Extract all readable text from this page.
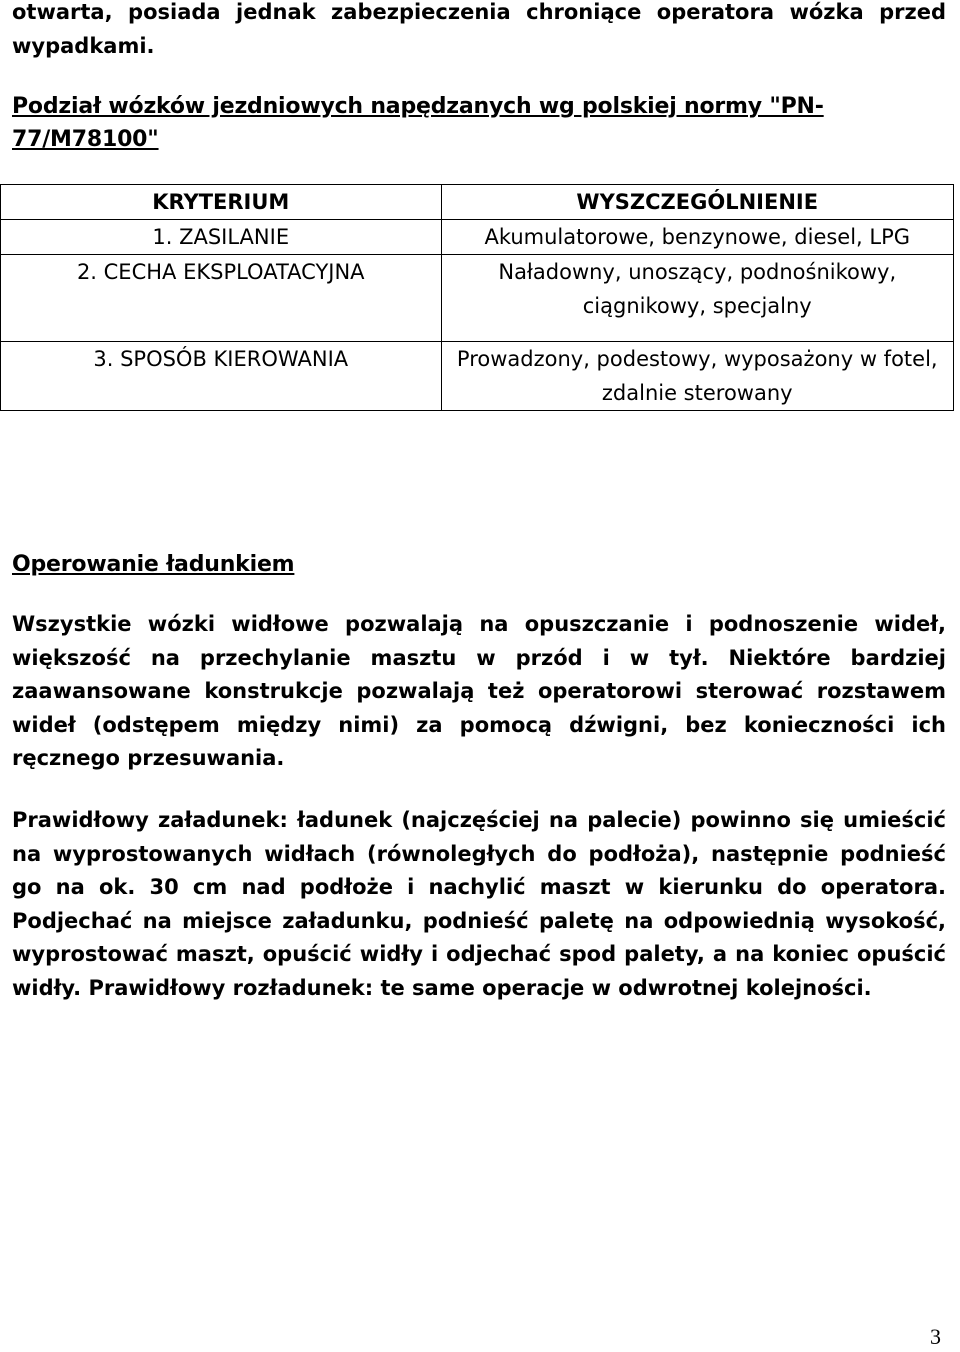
otwarta, posiada jednak zabezpieczenia chroniące operatora wózka przed wypadkami.

Podział wózków jezdniowych napędzanych wg polskiej normy "PN-77/M78100"

KRYTERIUM	WYSZCZEGÓLNIENIE
1. ZASILANIE	Akumulatorowe, benzynowe, diesel, LPG
2. CECHA EKSPLOATACYJNA	Naładowny, unoszący, podnośnikowy, ciągnikowy, specjalny
3. SPOSÓB KIEROWANIA	Prowadzony, podestowy, wyposażony w fotel, zdalnie sterowany

Operowanie ładunkiem

Wszystkie wózki widłowe pozwalają na opuszczanie i podnoszenie wideł, większość na przechylanie masztu w przód i w tył. Niektóre bardziej zaawansowane konstrukcje pozwalają też operatorowi sterować rozstawem wideł (odstępem między nimi) za pomocą dźwigni, bez konieczności ich ręcznego przesuwania.

Prawidłowy załadunek: ładunek (najczęściej na palecie) powinno się umieścić na wyprostowanych widłach (równoległych do podłoża), następnie podnieść go na ok. 30 cm nad podłoże i nachylić maszt w kierunku do operatora. Podjechać na miejsce załadunku, podnieść paletę na odpowiednią wysokość, wyprostować maszt, opuścić widły i odjechać spod palety, a na koniec opuścić widły. Prawidłowy rozładunek: te same operacje w odwrotnej kolejności.

3
